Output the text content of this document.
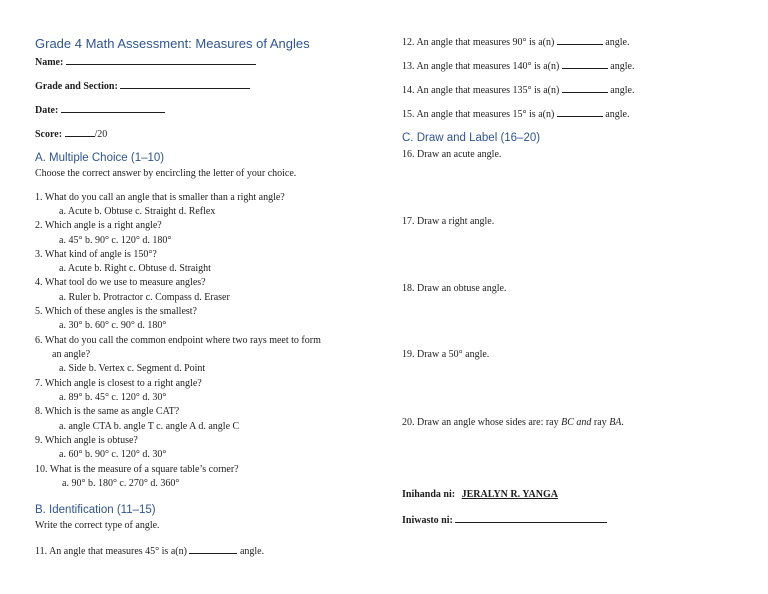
Grade 4 Math Assessment: Measures of Angles
Name:
Grade and Section:
Date:
Score:	/20
A. Multiple Choice (1–10)
Choose the correct answer by encircling the letter of your choice.
1. What do you call an angle that is smaller than a right angle?
a. Acute b. Obtuse c. Straight d. Reflex
2. Which angle is a right angle?
a. 45° b. 90° c. 120° d. 180°
3. What kind of angle is 150°?
a. Acute b. Right c. Obtuse d. Straight
4. What tool do we use to measure angles?
a. Ruler b. Protractor c. Compass d. Eraser
5. Which of these angles is the smallest?
a. 30° b. 60° c. 90° d. 180°
6. What do you call the common endpoint where two rays meet to form
an angle?
a. Side b. Vertex c. Segment d. Point
7. Which angle is closest to a right angle?
a. 89° b. 45° c. 120° d. 30°
8. Which is the same as angle CAT?
a. angle CTA b. angle T c. angle A d. angle C
9. Which angle is obtuse?
a. 60° b. 90° c. 120° d. 30°
10. What is the measure of a square table’s corner?
a. 90° b. 180° c. 270° d. 360°
B. Identification (11–15)
Write the correct type of angle.
11. An angle that measures 45° is a(n)	angle.
12. An angle that measures 90° is a(n)	angle.
13. An angle that measures 140° is a(n)	angle.
14. An angle that measures 135° is a(n)	angle.
15. An angle that measures 15° is a(n)	angle.
C. Draw and Label (16–20)
16. Draw an acute angle.
17. Draw a right angle.
18. Draw an obtuse angle.
19. Draw a 50° angle.
20. Draw an angle whose sides are: ray BC and ray BA.
Inihanda ni: JERALYN R. YANGA
Iniwasto ni:
